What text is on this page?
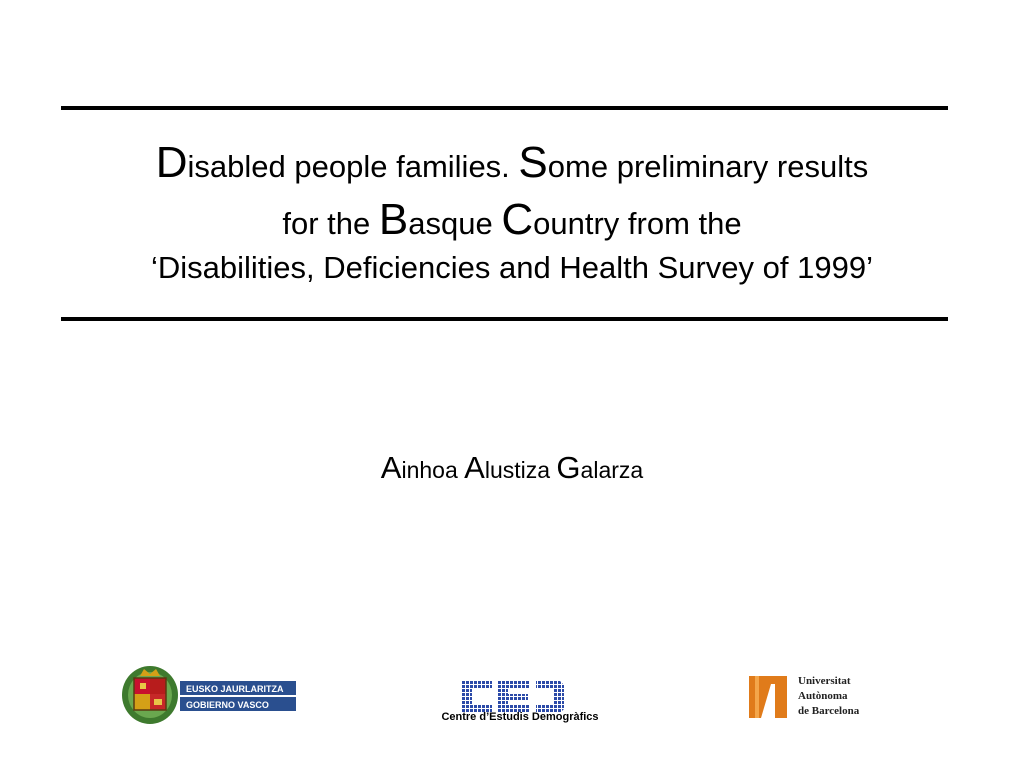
Disabled people families. Some preliminary results
for the Basque Country from the
‘Disabilities, Deficiencies and Health Survey of 1999’
Ainhoa Alustiza Galarza
EUSKO JAURLARITZA
GOBIERNO VASCO
Centre d’Estudis Demogràfics
Universitat
Autònoma
de Barcelona
